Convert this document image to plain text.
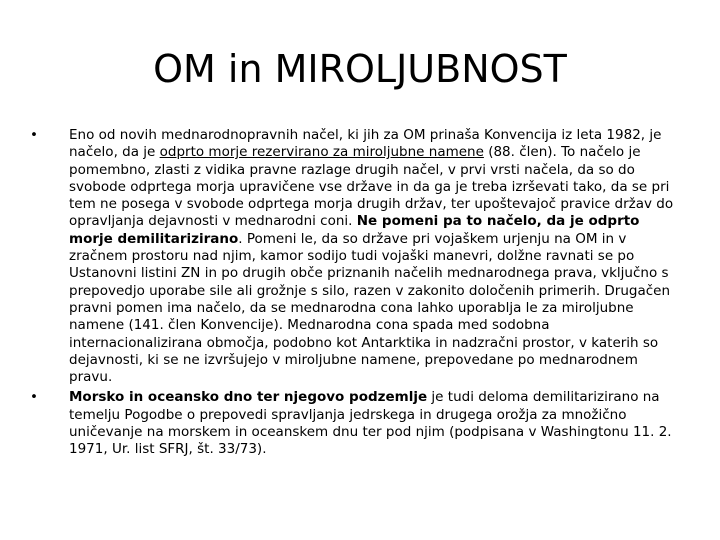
OM in MIROLJUBNOST
• Eno od novih mednarodnopravnih načel, ki jih za OM prinaša Konvencija iz leta 1982, je načelo, da je odprto morje rezervirano za miroljubne namene (88. člen). To načelo je pomembno, zlasti z vidika pravne razlage drugih načel, v prvi vrsti načela, da so do svobode odprtega morja upravičene vse države in da ga je treba izrševati tako, da se pri tem ne posega v svobode odprtega morja drugih držav, ter upoštevajoč pravice držav do opravljanja dejavnosti v mednarodni coni. Ne pomeni pa to načelo, da je odprto morje demilitarizirano. Pomeni le, da so države pri vojaškem urjenju na OM in v zračnem prostoru nad njim, kamor sodijo tudi vojaški manevri, dolžne ravnati se po Ustanovni listini ZN in po drugih obče priznanih načelih mednarodnega prava, vključno s prepovedjo uporabe sile ali grožnje s silo, razen v zakonito določenih primerih. Drugačen pravni pomen ima načelo, da se mednarodna cona lahko uporablja le za miroljubne namene (141. člen Konvencije). Mednarodna cona spada med sodobna internacionalizirana območja, podobno kot Antarktika in nadzračni prostor, v katerih so dejavnosti, ki se ne izvršujejo v miroljubne namene, prepovedane po mednarodnem pravu.
• Morsko in oceansko dno ter njegovo podzemlje je tudi deloma demilitarizirano na temelju Pogodbe o prepovedi spravljanja jedrskega in drugega orožja za množično uničevanje na morskem in oceanskem dnu ter pod njim (podpisana v Washingtonu 11. 2. 1971, Ur. list SFRJ, št. 33/73).
